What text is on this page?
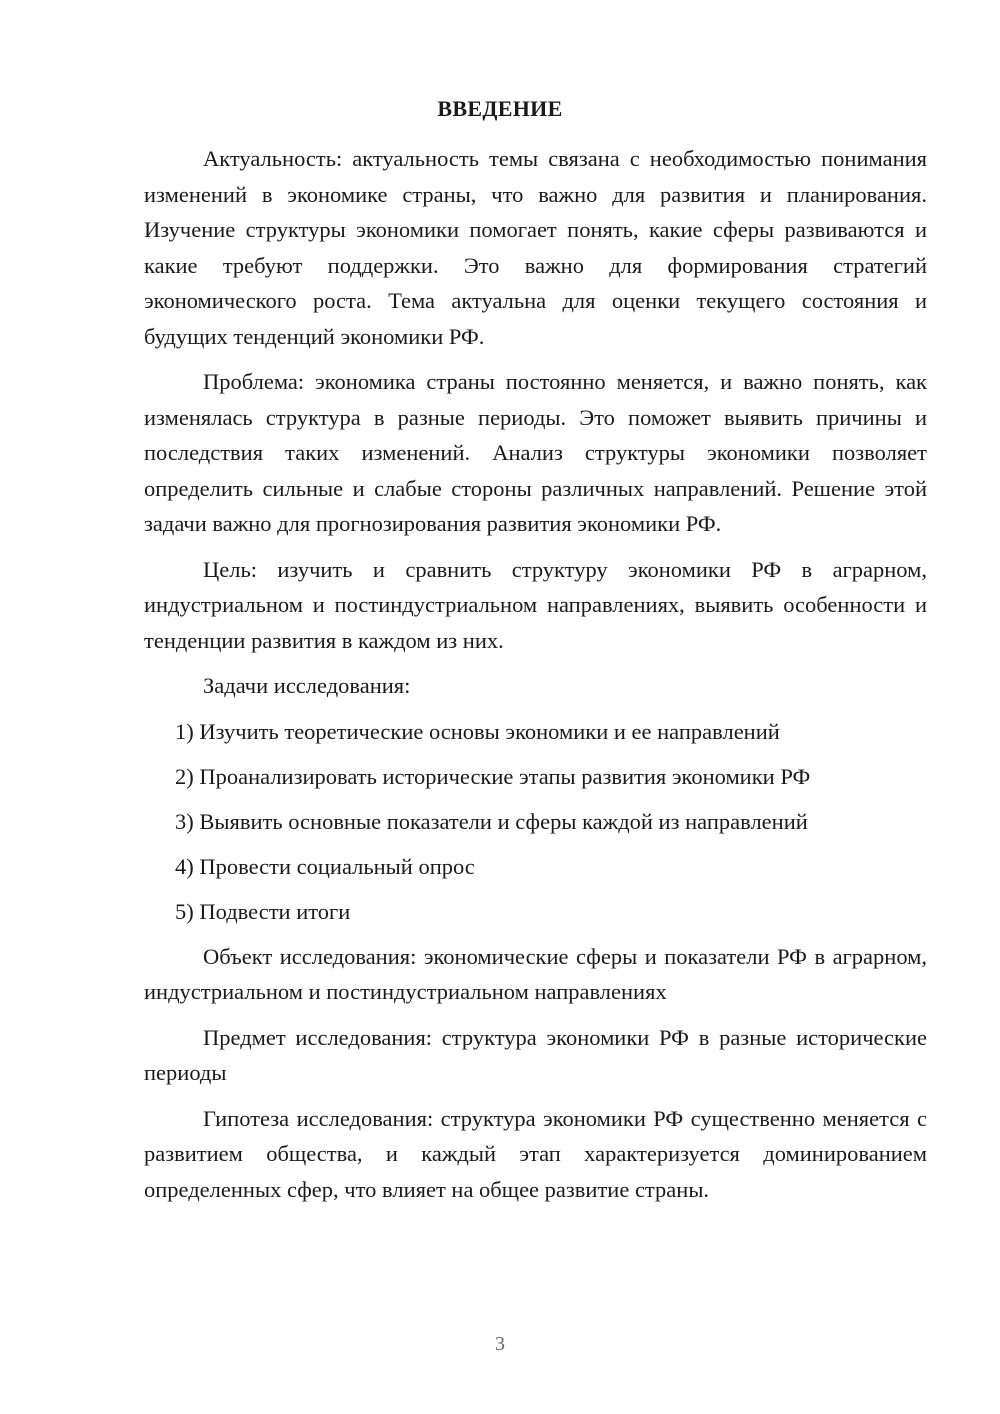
ВВЕДЕНИЕ

Актуальность: актуальность темы связана с необходимостью понимания изменений в экономике страны, что важно для развития и планирования. Изучение структуры экономики помогает понять, какие сферы развиваются и какие требуют поддержки. Это важно для формирования стратегий экономического роста. Тема актуальна для оценки текущего состояния и будущих тенденций экономики РФ.

Проблема: экономика страны постоянно меняется, и важно понять, как изменялась структура в разные периоды. Это поможет выявить причины и последствия таких изменений. Анализ структуры экономики позволяет определить сильные и слабые стороны различных направлений. Решение этой задачи важно для прогнозирования развития экономики РФ.

Цель: изучить и сравнить структуру экономики РФ в аграрном, индустриальном и постиндустриальном направлениях, выявить особенности и тенденции развития в каждом из них.

Задачи исследования:

1) Изучить теоретические основы экономики и ее направлений

2) Проанализировать исторические этапы развития экономики РФ

3) Выявить основные показатели и сферы каждой из направлений

4) Провести социальный опрос

5) Подвести итоги

Объект исследования: экономические сферы и показатели РФ в аграрном, индустриальном и постиндустриальном направлениях

Предмет исследования: структура экономики РФ в разные исторические периоды

Гипотеза исследования: структура экономики РФ существенно меняется с развитием общества, и каждый этап характеризуется доминированием определенных сфер, что влияет на общее развитие страны.

3
